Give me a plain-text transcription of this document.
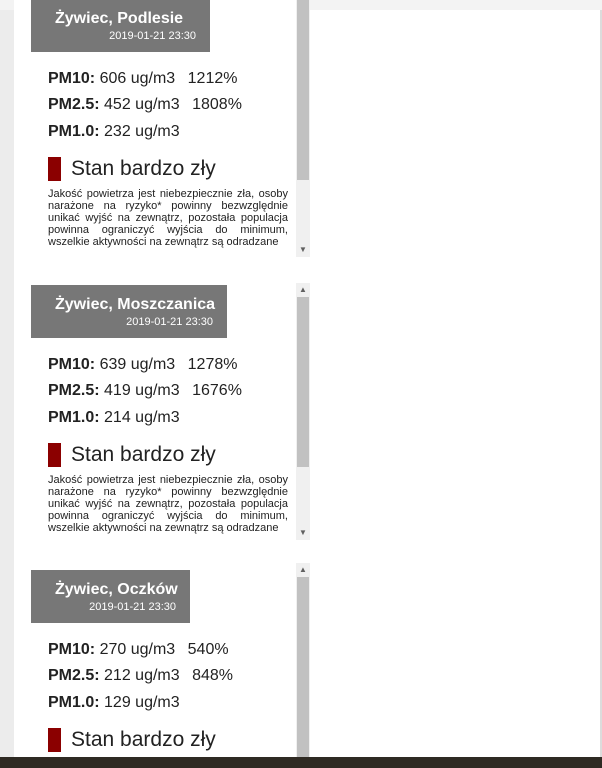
Żywiec, Podlesie
2019-01-21 23:30
PM10: 606 ug/m3 1212%
PM2.5: 452 ug/m3 1808%
PM1.0: 232 ug/m3
Stan bardzo zły
Jakość powietrza jest niebezpiecznie zła, osoby narażone na ryzyko* powinny bezwzględnie unikać wyjść na zewnątrz, pozostała populacja powinna ograniczyć wyjścia do minimum, wszelkie aktywności na zewnątrz są odradzane
▼
Żywiec, Moszczanica
2019-01-21 23:30
PM10: 639 ug/m3 1278%
PM2.5: 419 ug/m3 1676%
PM1.0: 214 ug/m3
Stan bardzo zły
Jakość powietrza jest niebezpiecznie zła, osoby narażone na ryzyko* powinny bezwzględnie unikać wyjść na zewnątrz, pozostała populacja powinna ograniczyć wyjścia do minimum, wszelkie aktywności na zewnątrz są odradzane
▲
▼
Żywiec, Oczków
2019-01-21 23:30
PM10: 270 ug/m3 540%
PM2.5: 212 ug/m3 848%
PM1.0: 129 ug/m3
Stan bardzo zły
▲
